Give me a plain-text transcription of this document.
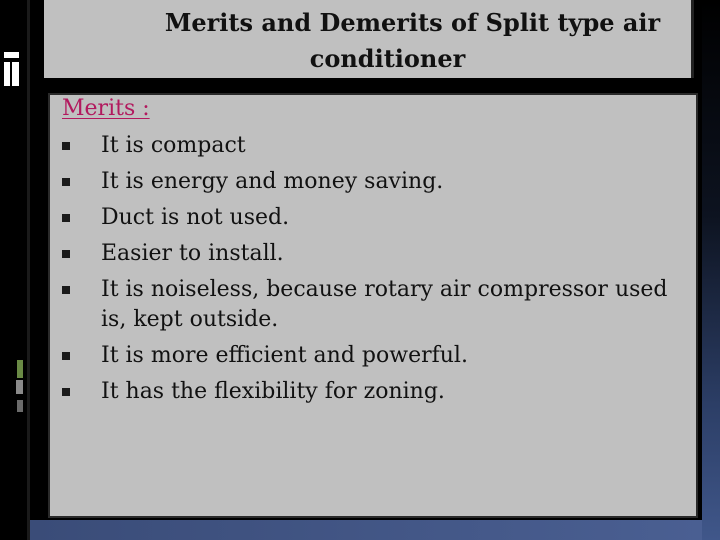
Merits and Demerits of Split type air
conditioner
Merits :
It is compact
It is energy and money saving.
Duct is not used.
Easier to install.
It is noiseless, because rotary air compressor used is, kept outside.
It is more efficient and powerful.
It has the flexibility for zoning.
